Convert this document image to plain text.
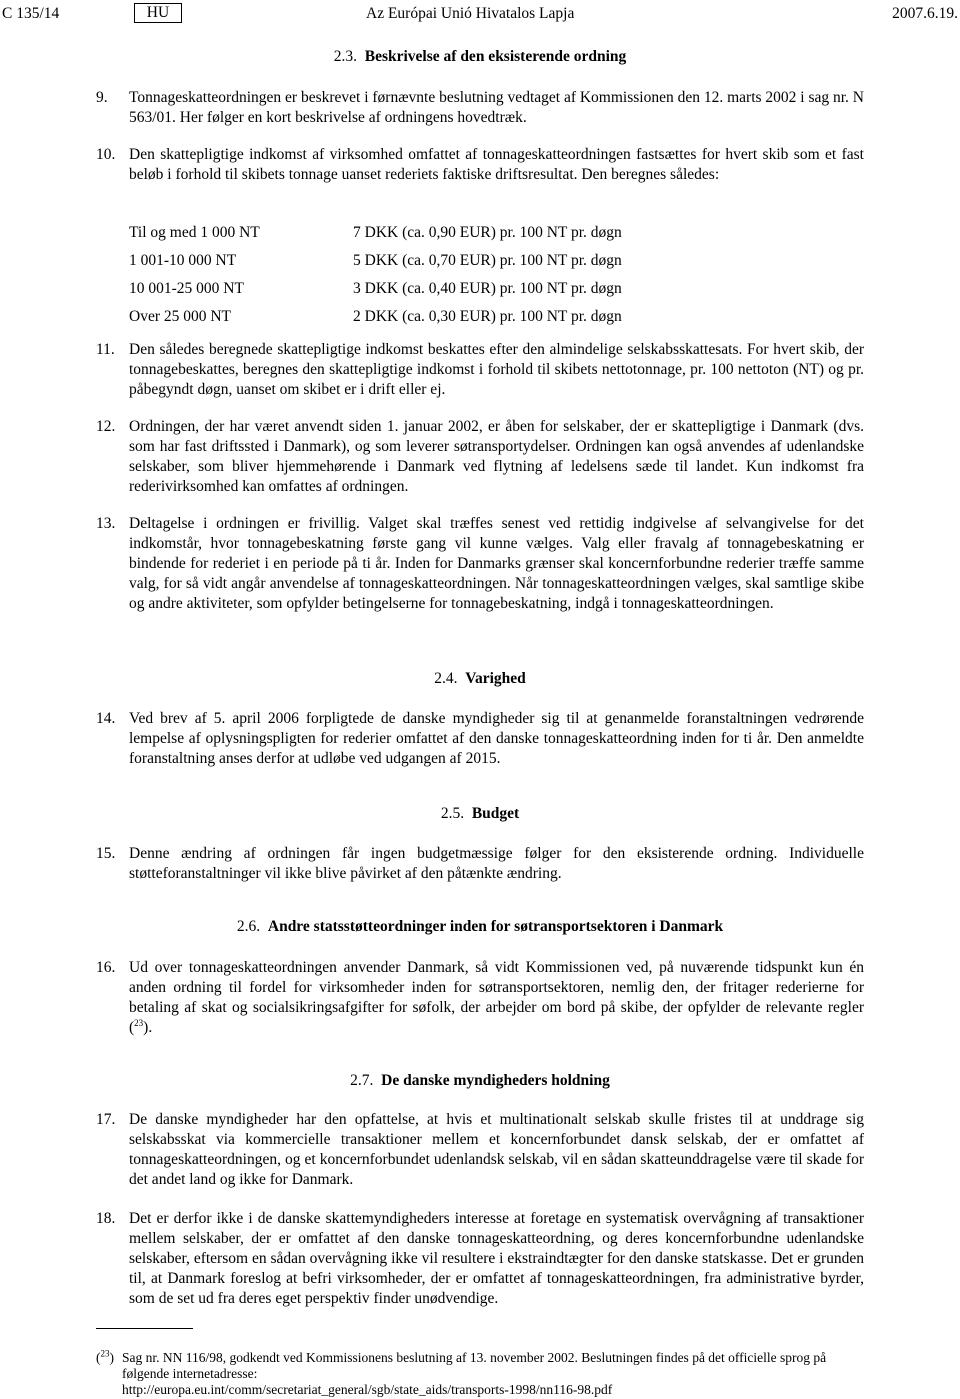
C 135/14	HU	Az Európai Unió Hivatalos Lapja	2007.6.19.
2.3. Beskrivelse af den eksisterende ordning
9. Tonnageskatteordningen er beskrevet i førnævnte beslutning vedtaget af Kommissionen den 12. marts 2002 i sag nr. N 563/01. Her følger en kort beskrivelse af ordningens hovedtræk.
10. Den skattepligtige indkomst af virksomhed omfattet af tonnageskatteordningen fastsættes for hvert skib som et fast beløb i forhold til skibets tonnage uanset rederiets faktiske driftsresultat. Den beregnes således:
Til og med 1 000 NT	7 DKK (ca. 0,90 EUR) pr. 100 NT pr. døgn
1 001-10 000 NT	5 DKK (ca. 0,70 EUR) pr. 100 NT pr. døgn
10 001-25 000 NT	3 DKK (ca. 0,40 EUR) pr. 100 NT pr. døgn
Over 25 000 NT	2 DKK (ca. 0,30 EUR) pr. 100 NT pr. døgn
11. Den således beregnede skattepligtige indkomst beskattes efter den almindelige selskabsskattesats. For hvert skib, der tonnagebeskattes, beregnes den skattepligtige indkomst i forhold til skibets nettotonnage, pr. 100 nettoton (NT) og pr. påbegyndt døgn, uanset om skibet er i drift eller ej.
12. Ordningen, der har været anvendt siden 1. januar 2002, er åben for selskaber, der er skattepligtige i Danmark (dvs. som har fast driftssted i Danmark), og som leverer søtransportydelser. Ordningen kan også anvendes af udenlandske selskaber, som bliver hjemmehørende i Danmark ved flytning af ledelsens sæde til landet. Kun indkomst fra rederivirksomhed kan omfattes af ordningen.
13. Deltagelse i ordningen er frivillig. Valget skal træffes senest ved rettidig indgivelse af selvangivelse for det indkomstår, hvor tonnagebeskatning første gang vil kunne vælges. Valg eller fravalg af tonnagebeskatning er bindende for rederiet i en periode på ti år. Inden for Danmarks grænser skal koncernforbundne rederier træffe samme valg, for så vidt angår anvendelse af tonnageskatteordningen. Når tonnageskatteordningen vælges, skal samtlige skibe og andre aktiviteter, som opfylder betingelserne for tonnagebeskatning, indgå i tonnageskatteordningen.
2.4. Varighed
14. Ved brev af 5. april 2006 forpligtede de danske myndigheder sig til at genanmelde foranstaltningen vedrørende lempelse af oplysningspligten for rederier omfattet af den danske tonnageskatteordning inden for ti år. Den anmeldte foranstaltning anses derfor at udløbe ved udgangen af 2015.
2.5. Budget
15. Denne ændring af ordningen får ingen budgetmæssige følger for den eksisterende ordning. Individuelle støtteforanstaltninger vil ikke blive påvirket af den påtænkte ændring.
2.6. Andre statsstøtteordninger inden for søtransportsektoren i Danmark
16. Ud over tonnageskatteordningen anvender Danmark, så vidt Kommissionen ved, på nuværende tidspunkt kun én anden ordning til fordel for virksomheder inden for søtransportsektoren, nemlig den, der fritager rederierne for betaling af skat og socialsikringsafgifter for søfolk, der arbejder om bord på skibe, der opfylder de relevante regler ($^{23}$).
2.7. De danske myndigheders holdning
17. De danske myndigheder har den opfattelse, at hvis et multinationalt selskab skulle fristes til at unddrage sig selskabsskat via kommercielle transaktioner mellem et koncernforbundet dansk selskab, der er omfattet af tonnageskatteordningen, og et koncernforbundet udenlandsk selskab, vil en sådan skatteunddragelse være til skade for det andet land og ikke for Danmark.
18. Det er derfor ikke i de danske skattemyndigheders interesse at foretage en systematisk overvågning af transaktioner mellem selskaber, der er omfattet af den danske tonnageskatteordning, og deres koncernforbundne udenlandske selskaber, eftersom en sådan overvågning ikke vil resultere i ekstraindtægter for den danske statskasse. Det er grunden til, at Danmark foreslog at befri virksomheder, der er omfattet af tonnageskatteordningen, fra administrative byrder, som de set ud fra deres eget perspektiv finder unødvendige.
($^{23}$) Sag nr. NN 116/98, godkendt ved Kommissionens beslutning af 13. november 2002. Beslutningen findes på det officielle sprog på følgende internetadresse:
http://europa.eu.int/comm/secretariat_general/sgb/state_aids/transports-1998/nn116-98.pdf
